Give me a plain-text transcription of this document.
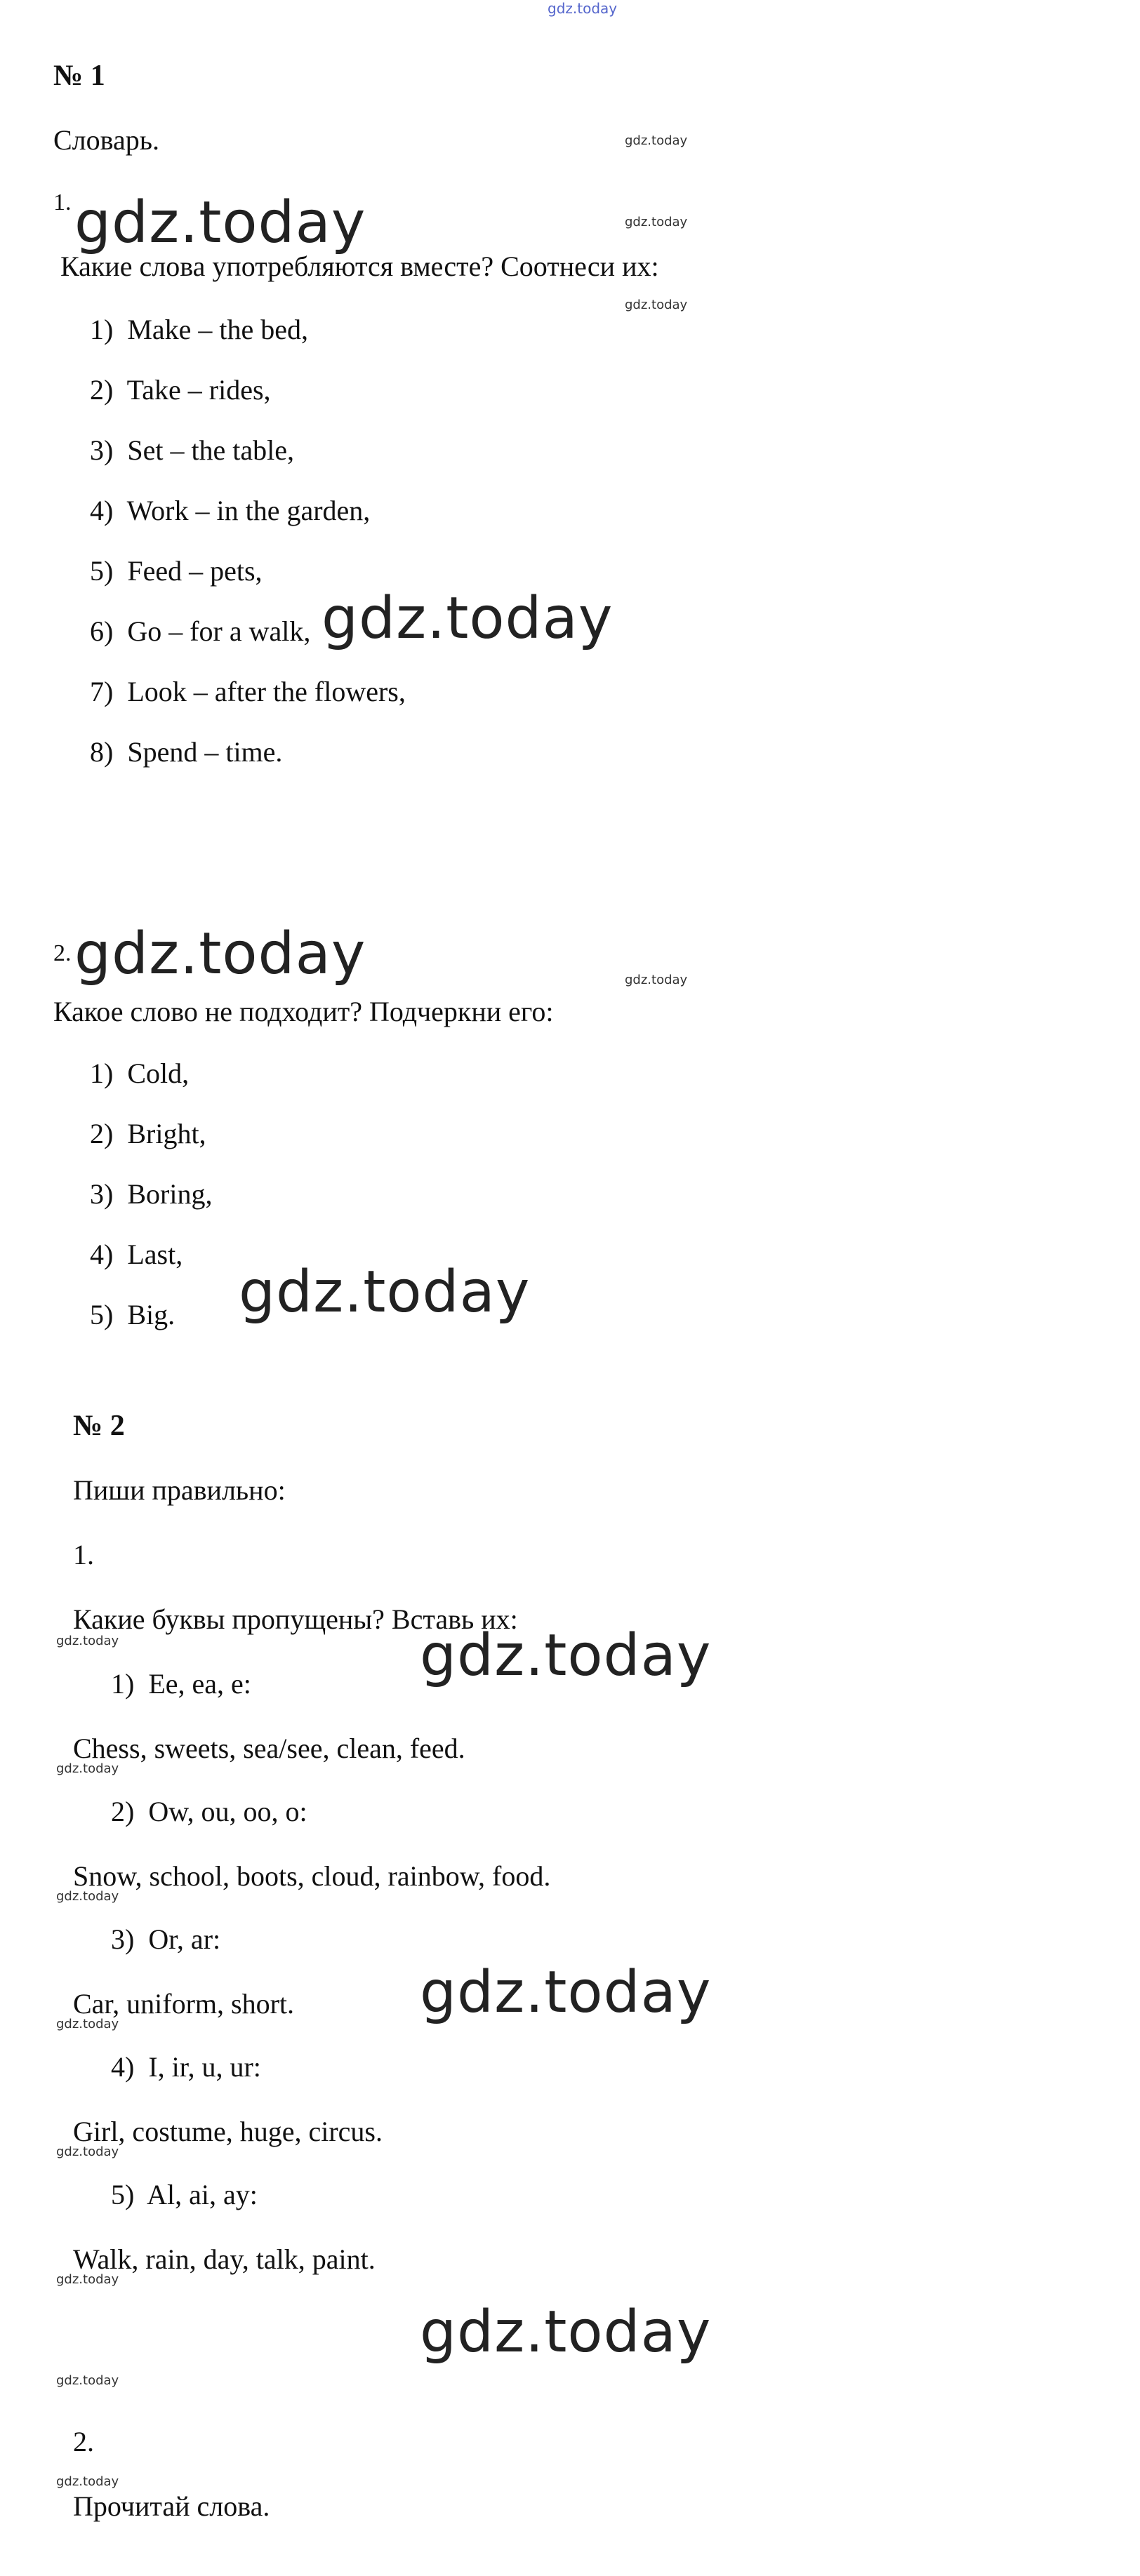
gdz.today
№ 1
Словарь.	gdz.today
1. gdz.today	gdz.today
Какие слова употребляются вместе? Соотнеси их:
gdz.today
1) Make – the bed,
2) Take – rides,
3) Set – the table,
4) Work – in the garden,
5) Feed – pets,
6) Go – for a walk, gdz.today
7) Look – after the flowers,
8) Spend – time.
2. gdz.today	gdz.today
Какое слово не подходит? Подчеркни его:
1) Cold,
2) Bright,
3) Boring,
4) Last,
5) Big. gdz.today
№ 2
Пиши правильно:
1.
Какие буквы пропущены? Вставь их:
gdz.today	gdz.today
1) Ee, ea, e:
Chess, sweets, sea/see, clean, feed.
gdz.today
2) Ow, ou, oo, o:
Snow, school, boots, cloud, rainbow, food.
gdz.today
3) Or, ar:
Car, uniform, short. gdz.today
gdz.today
4) I, ir, u, ur:
Girl, costume, huge, circus.
gdz.today
5) Al, ai, ay:
Walk, rain, day, talk, paint.
gdz.today
gdz.today
gdz.today
2.
gdz.today
Прочитай слова.
